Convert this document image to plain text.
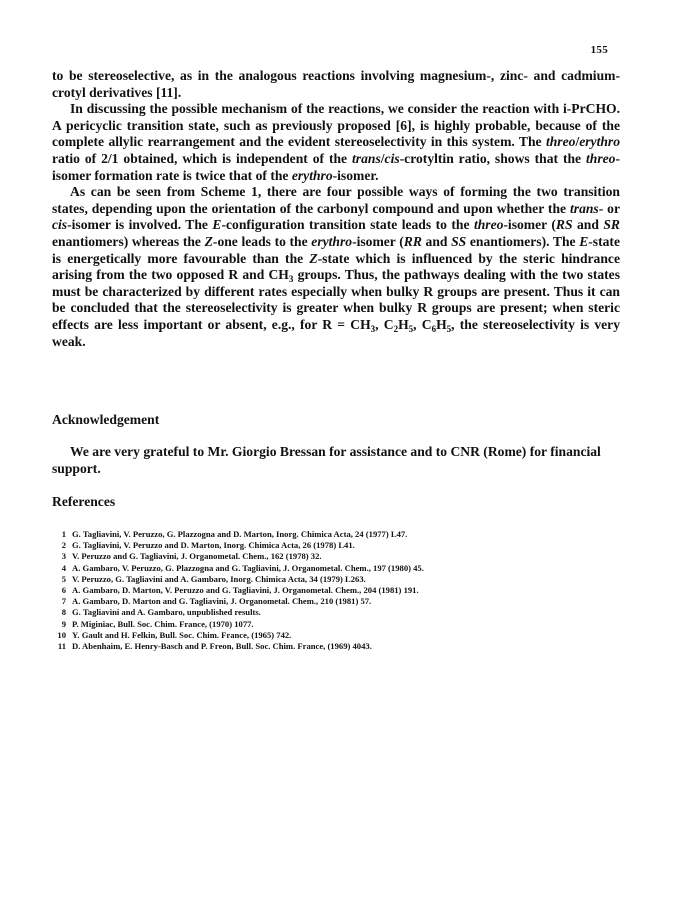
155

to be stereoselective, as in the analogous reactions involving magnesium-, zinc- and cadmium-crotyl derivatives [11].

In discussing the possible mechanism of the reactions, we consider the reaction with i-PrCHO. A pericyclic transition state, such as previously proposed [6], is highly probable, because of the complete allylic rearrangement and the evident stereoselectivity in this system. The threo/erythro ratio of 2/1 obtained, which is independent of the trans/cis-crotyltin ratio, shows that the threo-isomer formation rate is twice that of the erythro-isomer.

As can be seen from Scheme 1, there are four possible ways of forming the two transition states, depending upon the orientation of the carbonyl compound and upon whether the trans- or cis-isomer is involved. The E-configuration transition state leads to the threo-isomer (RS and SR enantiomers) whereas the Z-one leads to the erythro-isomer (RR and SS enantiomers). The E-state is energetically more favourable than the Z-state which is influenced by the steric hindrance arising from the two opposed R and $CH_3$ groups. Thus, the pathways dealing with the two states must be characterized by different rates especially when bulky R groups are present. Thus it can be concluded that the stereoselectivity is greater when bulky R groups are present; when steric effects are less important or absent, e.g., for $R = CH_3$, $C_2H_5$, $C_6H_5$, the stereoselectivity is very weak.

Acknowledgement

We are very grateful to Mr. Giorgio Bressan for assistance and to CNR (Rome) for financial support.

References
1 G. Tagliavini, V. Peruzzo, G. Plazzogna and D. Marton, Inorg. Chimica Acta, 24 (1977) L47.
2 G. Tagliavini, V. Peruzzo and D. Marton, Inorg. Chimica Acta, 26 (1978) L41.
3 V. Peruzzo and G. Tagliavini, J. Organometal. Chem., 162 (1978) 32.
4 A. Gambaro, V. Peruzzo, G. Plazzogna and G. Tagliavini, J. Organometal. Chem., 197 (1980) 45.
5 V. Peruzzo, G. Tagliavini and A. Gambaro, Inorg. Chimica Acta, 34 (1979) L263.
6 A. Gambaro, D. Marton, V. Peruzzo and G. Tagliavini, J. Organometal. Chem., 204 (1981) 191.
7 A. Gambaro, D. Marton and G. Tagliavini, J. Organometal. Chem., 210 (1981) 57.
8 G. Tagliavini and A. Gambaro, unpublished results.
9 P. Miginiac, Bull. Soc. Chim. France, (1970) 1077.
10 Y. Gault and H. Felkin, Bull. Soc. Chim. France, (1965) 742.
11 D. Abenhaim, E. Henry-Basch and P. Freon, Bull. Soc. Chim. France, (1969) 4043.
